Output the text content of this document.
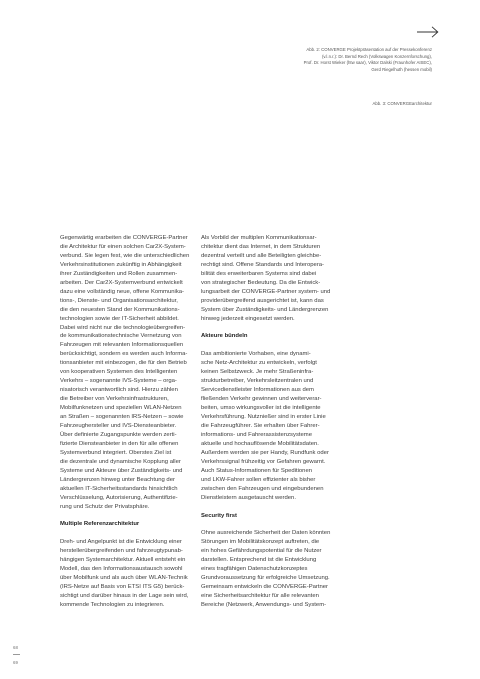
Abb. 2: CONVERGE Projektpräsentation auf der Pressekonferenz
(v.l.n.r.): Dr. Bernd Rech (Volkswagen Konzernforschung),
Prof. Dr. Horst Wieker (htw saar), Viktor Dalski (Fraunhofer AISEC),
Gerd Riegelhuth (hessen mobil)
Abb. 3: CONVERGEarchitektur

Gegenwärtig erarbeiten die CONVERGE-Partner

die Architektur für einen solchen Car2X-System-

verbund. Sie legen fest, wie die unterschiedlichen

Verkehrsinstitutionen zukünftig in Abhängigkeit

ihrer Zuständigkeiten und Rollen zusammen-

arbeiten. Der Car2X-Systemverbund entwickelt

dazu eine vollständig neue, offene Kommunika-

tions-, Dienste- und Organisationsarchitektur,

die den neuesten Stand der Kommunikations-

technologien sowie der IT-Sicherheit abbildet.

Dabei wird nicht nur die technologieübergreifen-

de kommunikationstechnische Vernetzung von

Fahrzeugen mit relevanten Informationsquellen

berücksichtigt, sondern es werden auch Informa-

tionsanbieter mit einbezogen, die für den Betrieb

von kooperativen Systemen des Intelligenten

Verkehrs – sogenannte IVS-Systeme – orga-

nisatorisch verantwortlich sind. Hierzu zählen

die Betreiber von Verkehrsinfrastrukturen,

Mobilfunknetzen und speziellen WLAN-Netzen

an Straßen – sogenannten IRS-Netzen – sowie

Fahrzeughersteller und IVS-Diensteanbieter.

Über definierte Zugangspunkte werden zerti-

fizierte Diensteanbieter in den für alle offenen

Systemverbund integriert. Oberstes Ziel ist

die dezentrale und dynamische Kopplung aller

Systeme und Akteure über Zuständigkeits- und

Ländergrenzen hinweg unter Beachtung der

aktuellen IT-Sicherheitsstandards hinsichtlich

Verschlüsselung, Autorisierung, Authentifizie-

rung und Schutz der Privatsphäre.

Multiple Referenzarchitektur

Dreh- und Angelpunkt ist die Entwicklung einer

herstellerübergreifenden und fahrzeugtypunab-

hängigen Systemarchitektur. Aktuell entsteht ein

Modell, das den Informationsaustausch sowohl

über Mobilfunk und als auch über WLAN-Technik

(IRS-Netze auf Basis von ETSI ITS G5) berück-

sichtigt und darüber hinaus in der Lage sein wird,

kommende Technologien zu integrieren.

Als Vorbild der multiplen Kommunikationsar-

chitektur dient das Internet, in dem Strukturen

dezentral verteilt und alle Beteiligten gleichbe-

rechtigt sind. Offene Standards und Interopera-

bilität des erweiterbaren Systems sind dabei

von strategischer Bedeutung. Da die Entwick-

lungsarbeit der CONVERGE-Partner system- und

providerübergreifend ausgerichtet ist, kann das

System über Zuständigkeits- und Ländergrenzen

hinweg jederzeit eingesetzt werden.

Akteure bündeln

Das ambitionierte Vorhaben, eine dynami-

sche Netz-Architektur zu entwickeln, verfolgt

keinen Selbstzweck. Je mehr Straßeninfra-

strukturbetreiber, Verkehrsleitzentralen und

Servicedienstleister Informationen aus dem

fließenden Verkehr gewinnen und weiterverar-

beiten, umso wirkungsvoller ist die intelligente

Verkehrsführung. Nutznießer sind in erster Linie

die Fahrzeugführer. Sie erhalten über Fahrer-

informations- und Fahrerassistenzsysteme

aktuelle und hochauflösende Mobilitätsdaten.

Außerdem werden sie per Handy, Rundfunk oder

Verkehrssignal frühzeitig vor Gefahren gewarnt.

Auch Status-Informationen für Speditionen

und LKW-Fahrer sollen effizienter als bisher

zwischen den Fahrzeugen und eingebundenen

Dienstleistern ausgetauscht werden.

Security first

Ohne ausreichende Sicherheit der Daten könnten

Störungen im Mobilitätskonzept auftreten, die

ein hohes Gefährdungspotential für die Nutzer

darstellen. Entsprechend ist die Entwicklung

eines tragfähigen Datenschutzkonzeptes

Grundvoraussetzung für erfolgreiche Umsetzung.

Gemeinsam entwickeln die CONVERGE-Partner

eine Sicherheitsarchitektur für alle relevanten

Bereiche (Netzwerk, Anwendungs- und System-

68
69
